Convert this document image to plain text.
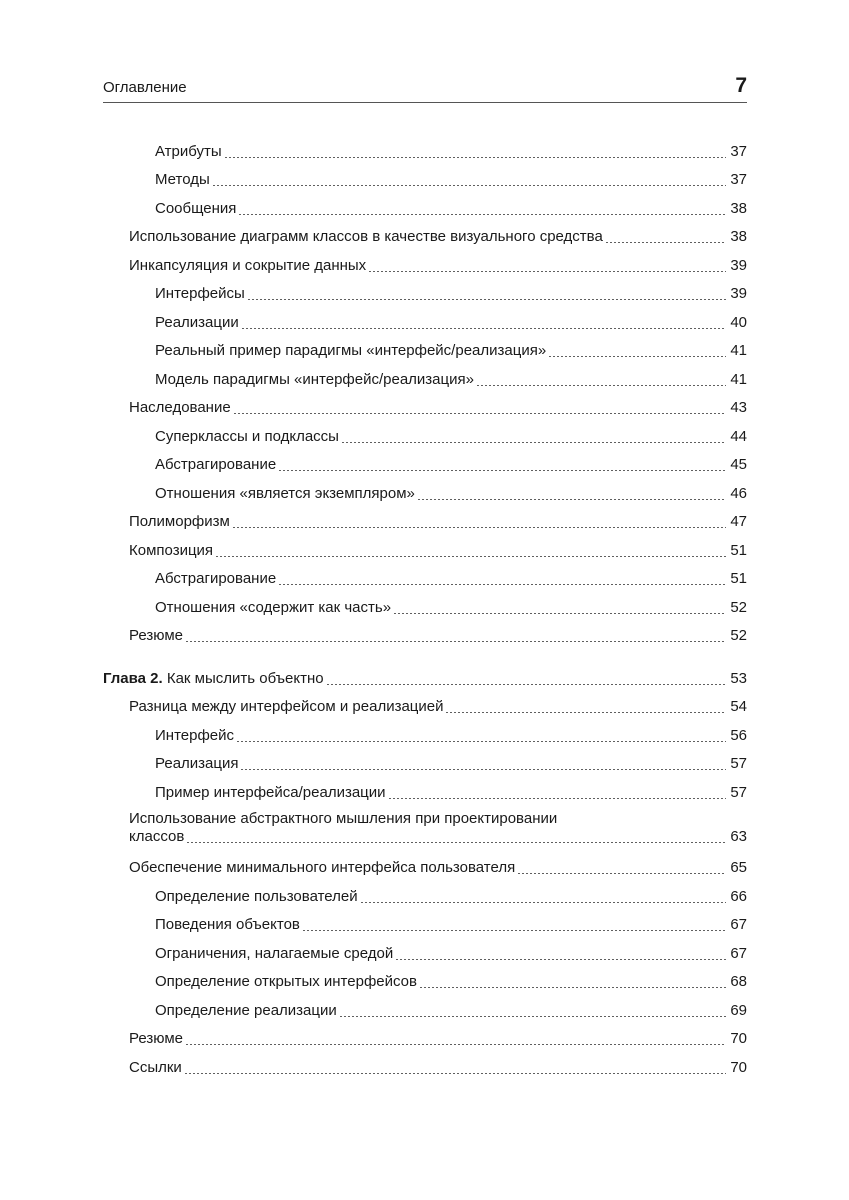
Оглавление	7
Атрибуты	37
Методы	37
Сообщения	38
Использование диаграмм классов в качестве визуального средства	38
Инкапсуляция и сокрытие данных	39
Интерфейсы	39
Реализации	40
Реальный пример парадигмы «интерфейс/реализация»	41
Модель парадигмы «интерфейс/реализация»	41
Наследование	43
Суперклассы и подклассы	44
Абстрагирование	45
Отношения «является экземпляром»	46
Полиморфизм	47
Композиция	51
Абстрагирование	51
Отношения «содержит как часть»	52
Резюме	52
Глава 2. Как мыслить объектно	53
Разница между интерфейсом и реализацией	54
Интерфейс	56
Реализация	57
Пример интерфейса/реализации	57
Использование абстрактного мышления при проектировании
классов	63
Обеспечение минимального интерфейса пользователя	65
Определение пользователей	66
Поведения объектов	67
Ограничения, налагаемые средой	67
Определение открытых интерфейсов	68
Определение реализации	69
Резюме	70
Ссылки	70
